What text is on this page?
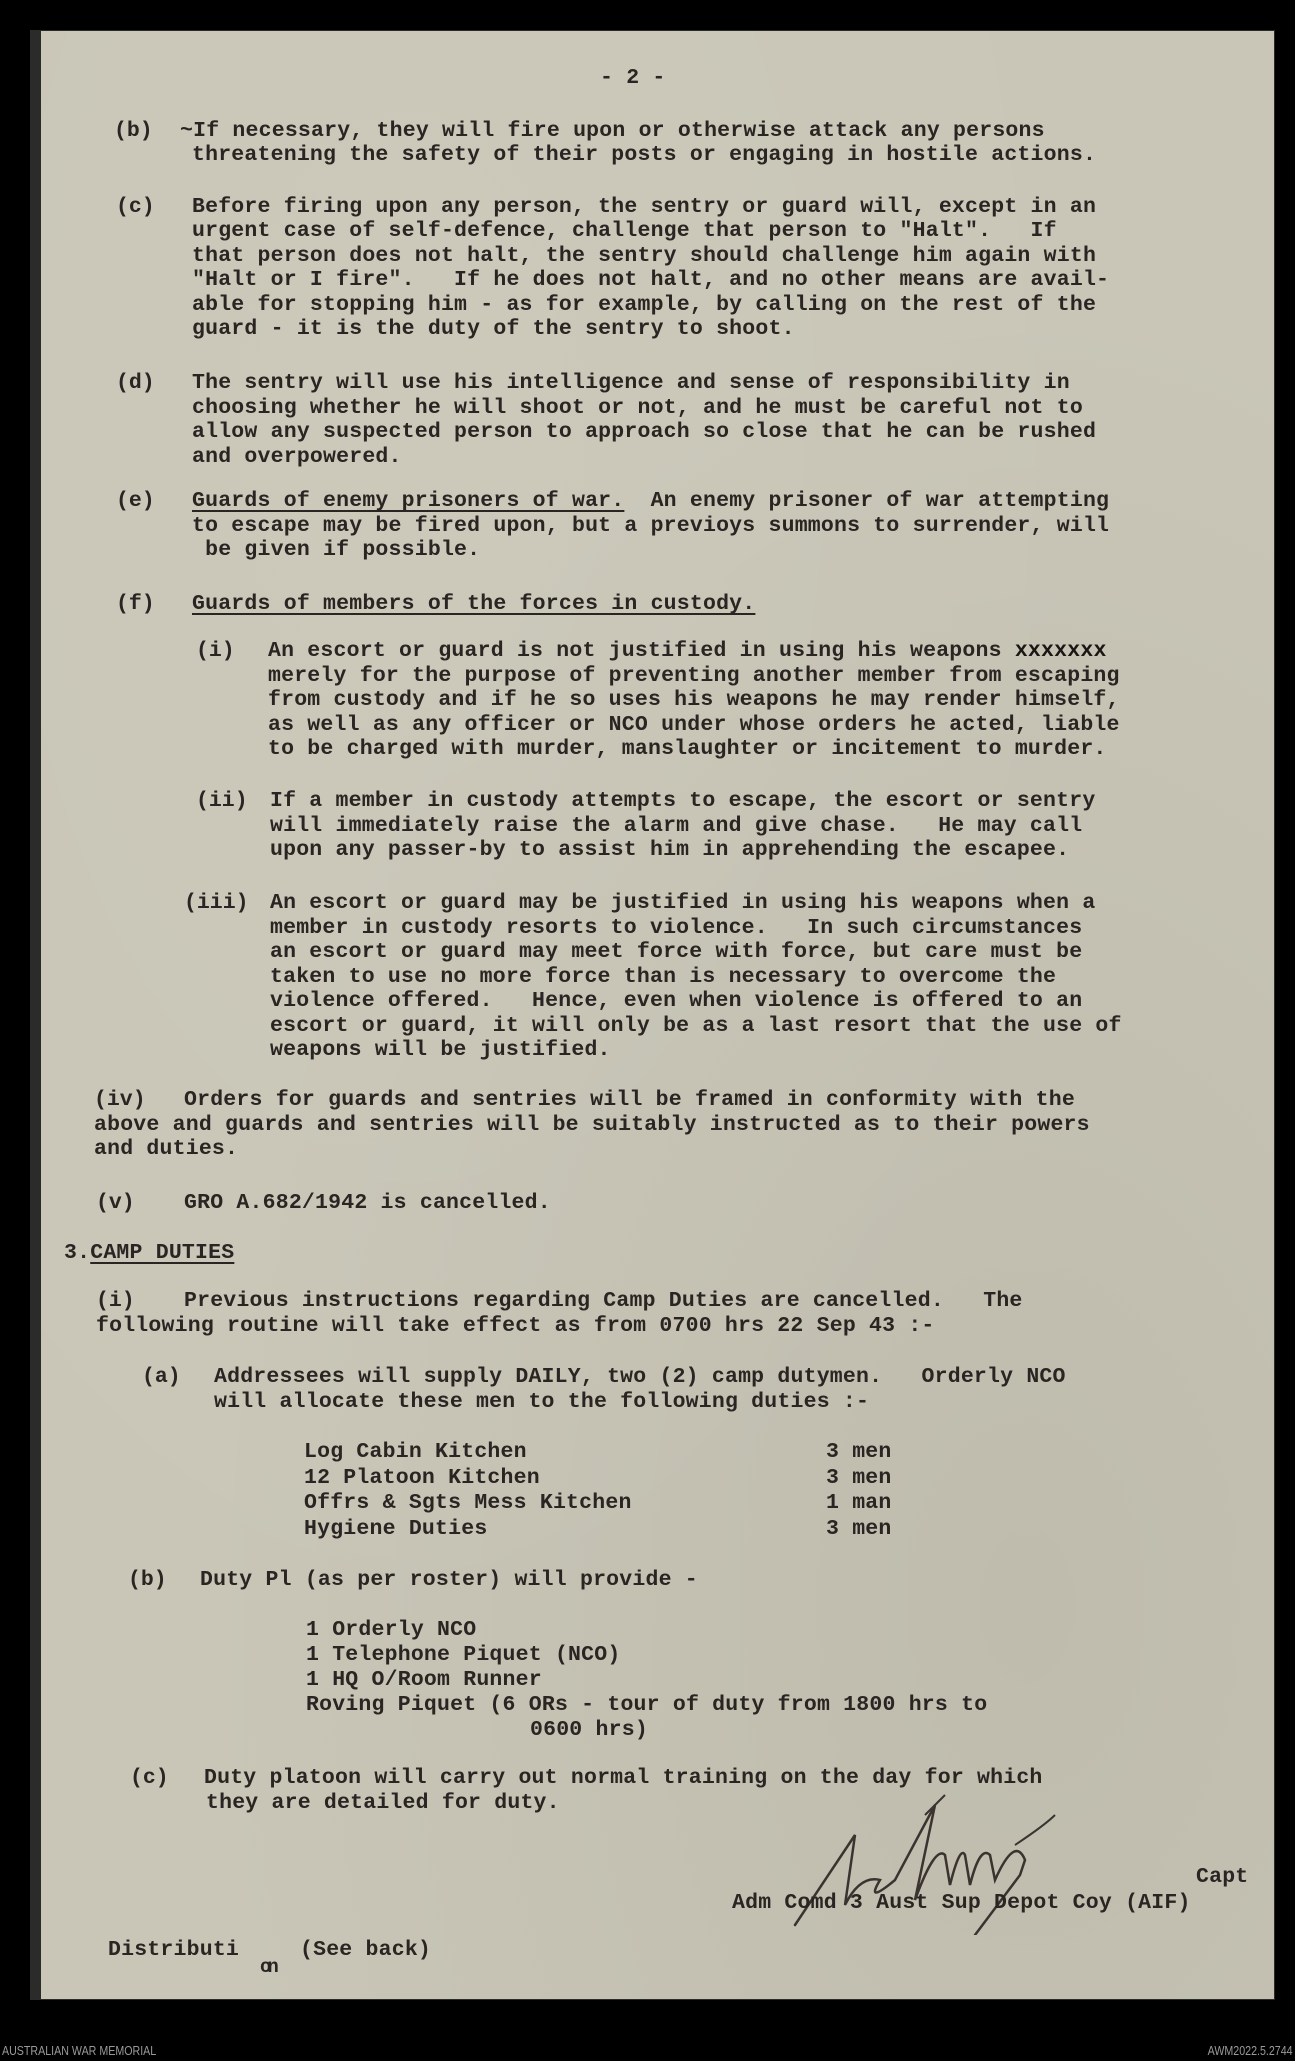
- 2 -
(b) ~If necessary, they will fire upon or otherwise attack any persons
threatening the safety of their posts or engaging in hostile actions.
(c) Before firing upon any person, the sentry or guard will, except in an
urgent case of self-defence, challenge that person to "Halt".   If
that person does not halt, the sentry should challenge him again with
"Halt or I fire".   If he does not halt, and no other means are avail-
able for stopping him - as for example, by calling on the rest of the
guard - it is the duty of the sentry to shoot.
(d) The sentry will use his intelligence and sense of responsibility in
choosing whether he will shoot or not, and he must be careful not to
allow any suspected person to approach so close that he can be rushed
and overpowered.
(e) Guards of enemy prisoners of war.  An enemy prisoner of war attempting
to escape may be fired upon, but a previoys summons to surrender, will
be given if possible.
(f) Guards of members of the forces in custody.
(i) An escort or guard is not justified in using his weapons xxxxxxx
merely for the purpose of preventing another member from escaping
from custody and if he so uses his weapons he may render himself,
as well as any officer or NCO under whose orders he acted, liable
to be charged with murder, manslaughter or incitement to murder.
(ii) If a member in custody attempts to escape, the escort or sentry
will immediately raise the alarm and give chase.   He may call
upon any passer-by to assist him in apprehending the escapee.
(iii) An escort or guard may be justified in using his weapons when a
member in custody resorts to violence.   In such circumstances
an escort or guard may meet force with force, but care must be
taken to use no more force than is necessary to overcome the
violence offered.   Hence, even when violence is offered to an
escort or guard, it will only be as a last resort that the use of
weapons will be justified.
(iv) Orders for guards and sentries will be framed in conformity with the
above and guards and sentries will be suitably instructed as to their powers
and duties.
(v) GRO A.682/1942 is cancelled.
3.CAMP DUTIES
(i) Previous instructions regarding Camp Duties are cancelled.   The
following routine will take effect as from 0700 hrs 22 Sep 43 :-
(a) Addressees will supply DAILY, two (2) camp dutymen.   Orderly NCO
will allocate these men to the following duties :-
Log Cabin Kitchen	3 men
12 Platoon Kitchen	3 men
Offrs & Sgts Mess Kitchen	1 man
Hygiene Duties	3 men
(b) Duty Pl (as per roster) will provide -
1 Orderly NCO
1 Telephone Piquet (NCO)
1 HQ O/Room Runner
Roving Piquet (6 ORs - tour of duty from 1800 hrs to
0600 hrs)
(c) Duty platoon will carry out normal training on the day for which
they are detailed for duty.
Capt
Adm Comd 3 Aust Sup Depot Coy (AIF)
Distributi
on
(See back)
AUSTRALIAN WAR MEMORIAL	AWM2022.5.2744
